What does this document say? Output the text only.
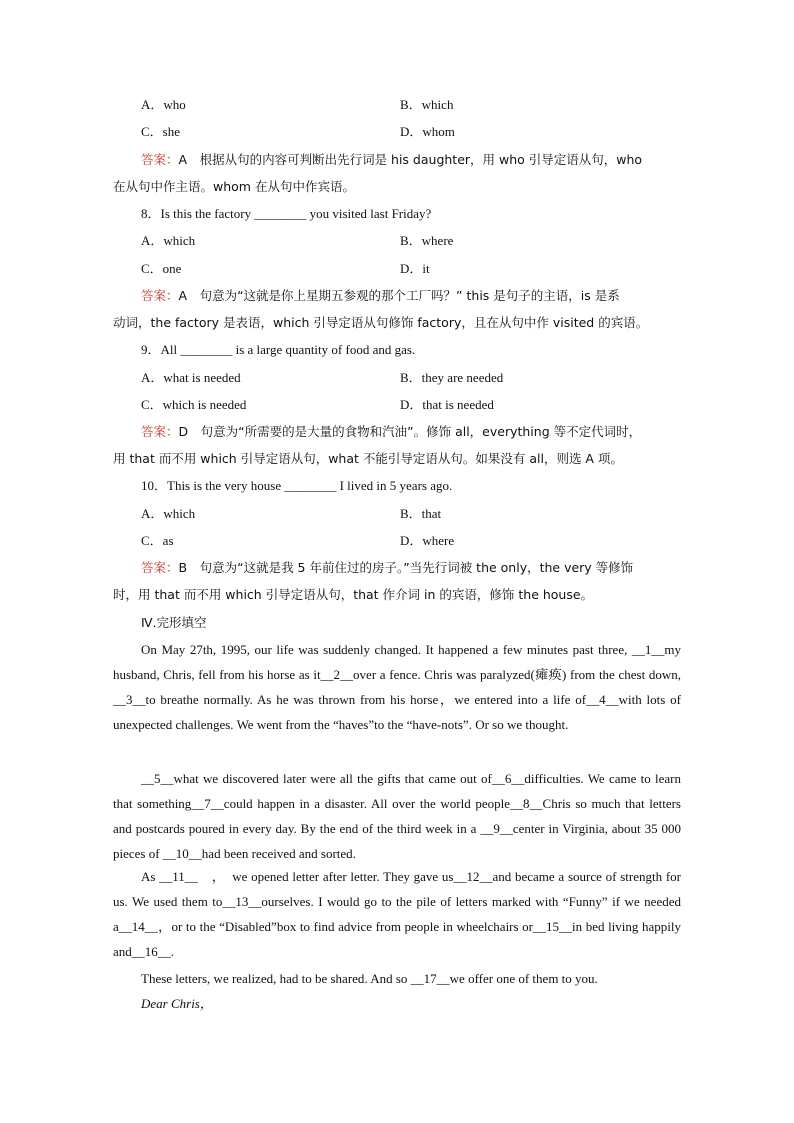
A．who	B．which
C．she	D．whom
答案：A　根据从句的内容可判断出先行词是 his daughter，用 who 引导定语从句，who
在从句中作主语。whom 在从句中作宾语。
8．Is this the factory ________ you visited last Friday?
A．which	B．where
C．one	D．it
答案：A　句意为“这就是你上星期五参观的那个工厂吗？” this 是句子的主语，is 是系
动词，the factory 是表语，which 引导定语从句修饰 factory，且在从句中作 visited 的宾语。
9．All ________ is a large quantity of food and gas.
A．what is needed	B．they are needed
C．which is needed	D．that is needed
答案：D　句意为“所需要的是大量的食物和汽油”。修饰 all，everything 等不定代词时，
用 that 而不用 which 引导定语从句，what 不能引导定语从句。如果没有 all，则选 A 项。
10．This is the very house ________ I lived in 5 years ago.
A．which	B．that
C．as	D．where
答案：B　句意为“这就是我 5 年前住过的房子。”当先行词被 the only，the very 等修饰
时，用 that 而不用 which 引导定语从句，that 作介词 in 的宾语，修饰 the house。
Ⅳ.完形填空
On May 27th, 1995, our life was suddenly changed. It happened a few minutes past three, __1__my husband, Chris, fell from his horse as it__2__over a fence. Chris was paralyzed(瘫痪) from the chest down, __3__to breathe normally. As he was thrown from his horse，we entered into a life of__4__with lots of unexpected challenges. We went from the “haves”to the “have-nots”. Or so we thought.
__5__what we discovered later were all the gifts that came out of__6__difficulties. We came to learn that something__7__could happen in a disaster. All over the world people__8__Chris so much that letters and postcards poured in every day. By the end of the third week in a __9__center in Virginia, about 35 000 pieces of __10__had been received and sorted.
As __11__　，　we opened letter after letter. They gave us__12__and became a source of strength for us. We used them to__13__ourselves. I would go to the pile of letters marked with “Funny” if we needed a__14__，or to the “Disabled”box to find advice from people in wheelchairs or__15__in bed living happily and__16__.
These letters, we realized, had to be shared. And so __17__we offer one of them to you.
Dear Chris，
